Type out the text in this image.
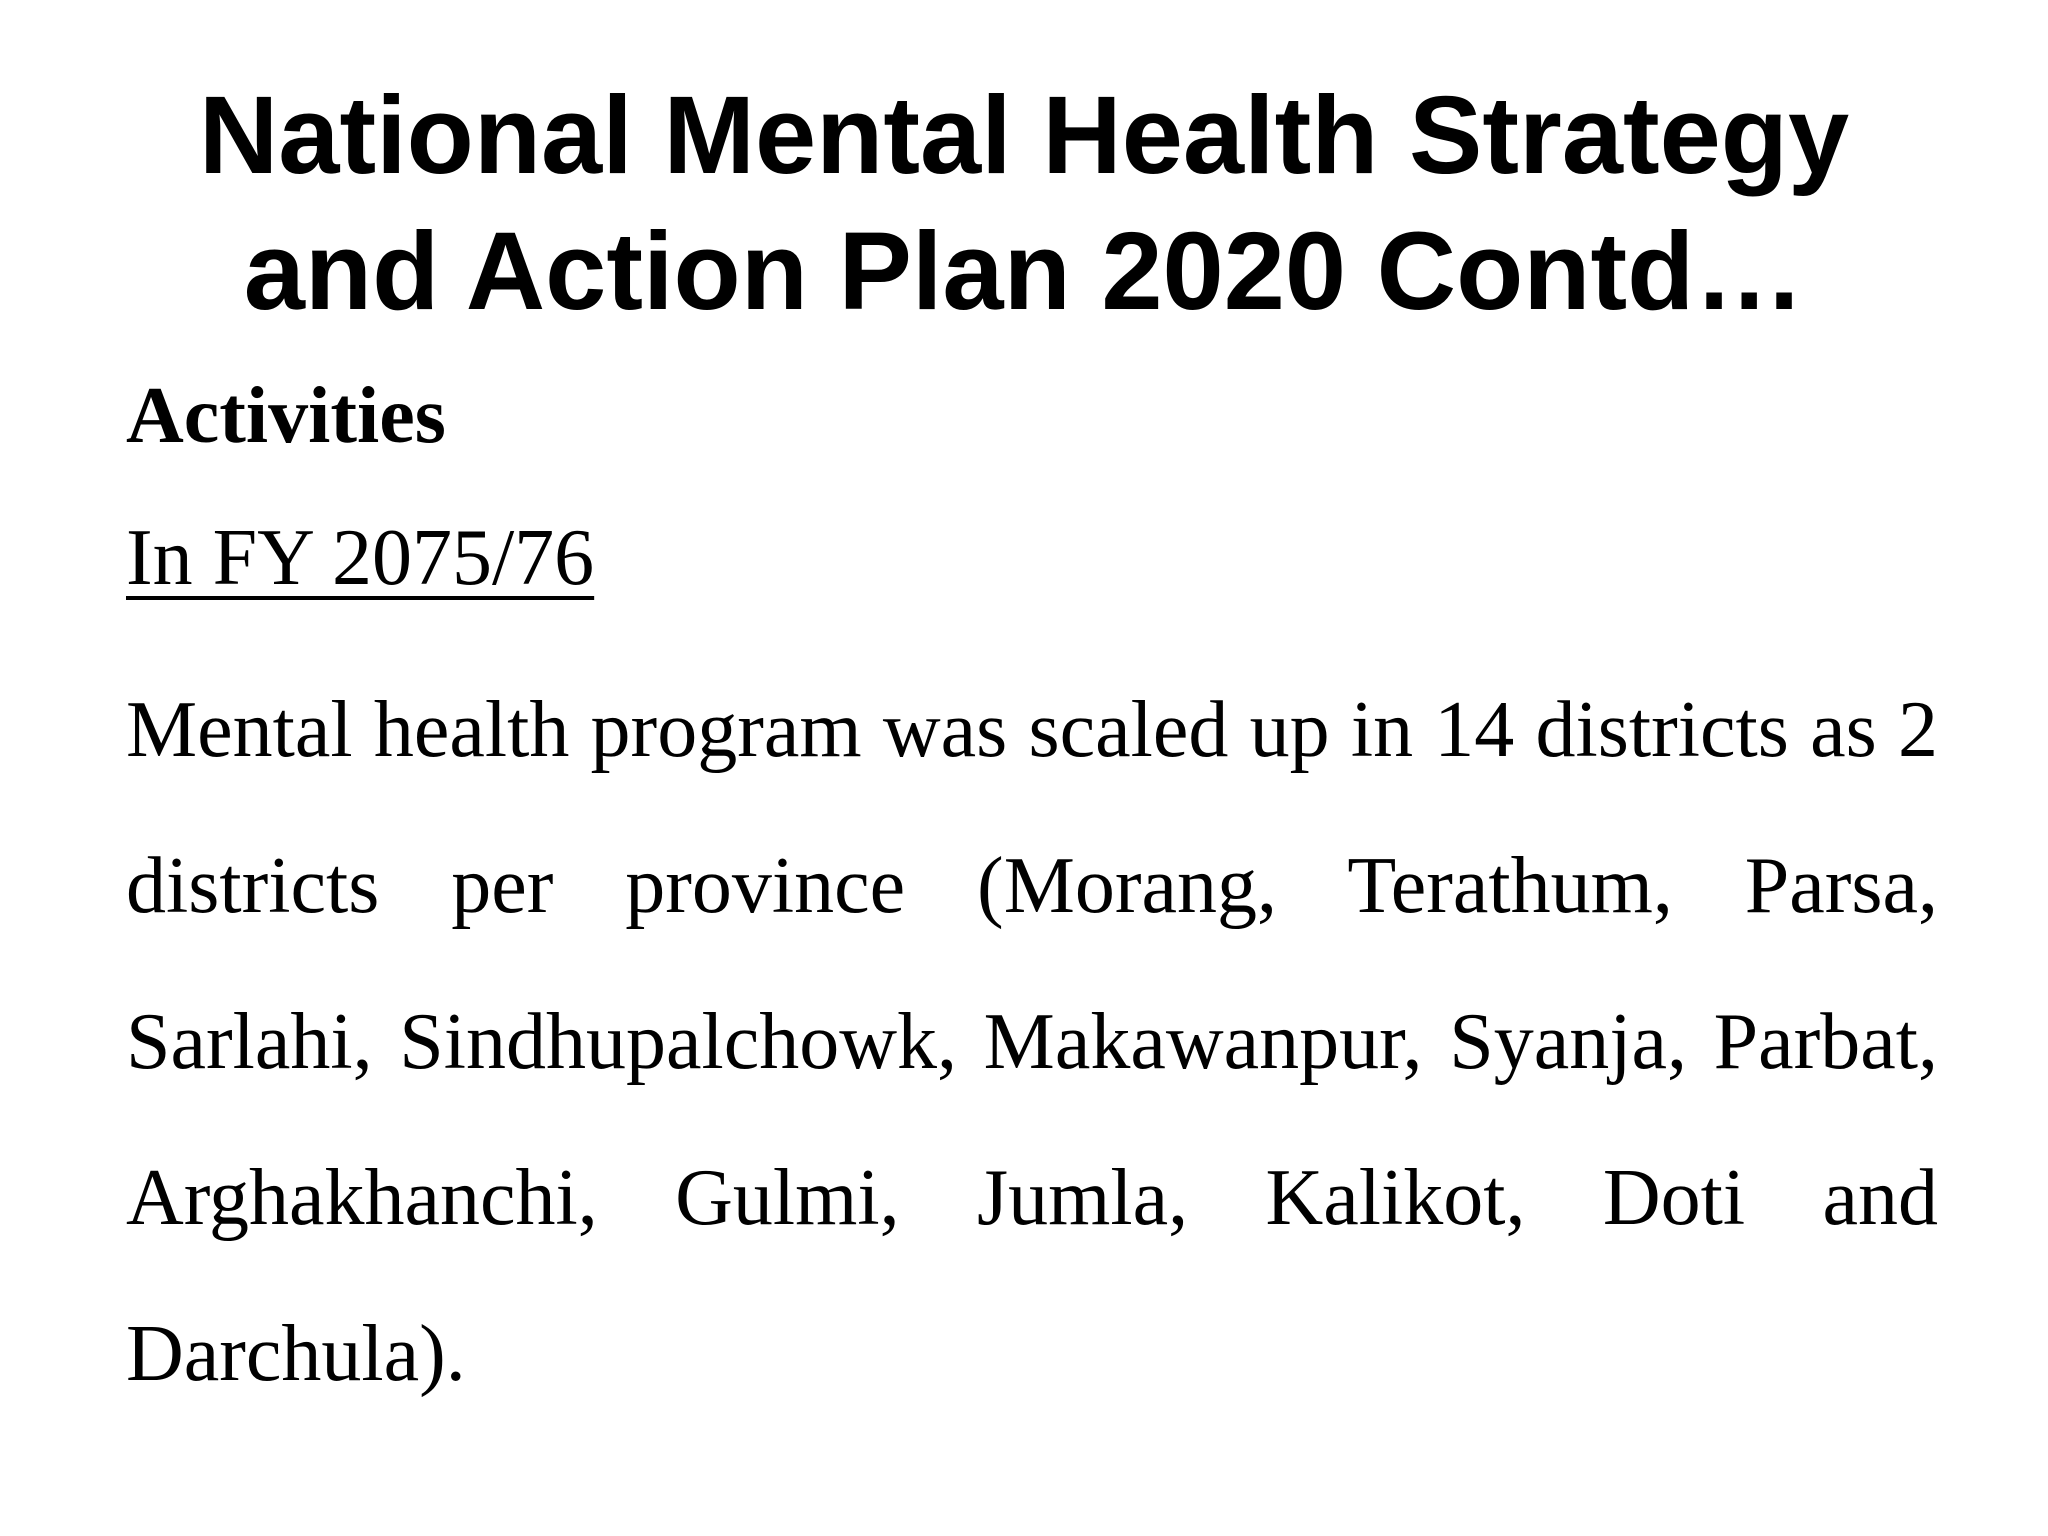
National Mental Health Strategy
and Action Plan 2020 Contd…

Activities

In FY 2075/76

Mental health program was scaled up in 14 districts as 2 districts per province (Morang, Terathum, Parsa, Sarlahi, Sindhupalchowk, Makawanpur, Syanja, Parbat, Arghakhanchi, Gulmi, Jumla, Kalikot, Doti and Darchula).
